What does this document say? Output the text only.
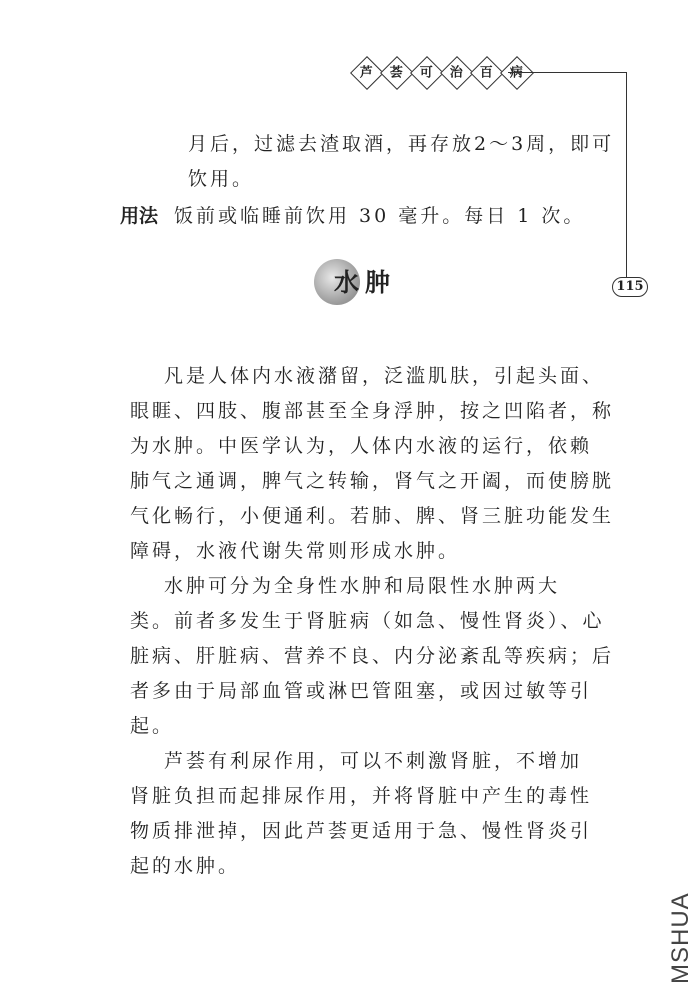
芦 荟 可 治 百 病
115
月后，过滤去渣取酒，再存放2～3周，即可
饮用。
用法 饭前或临睡前饮用 30 毫升。每日 1 次。
水肿
凡是人体内水液潴留，泛滥肌肤，引起头面、
眼睚、四肢、腹部甚至全身浮肿，按之凹陷者，称
为水肿。中医学认为，人体内水液的运行，依赖
肺气之通调，脾气之转输，肾气之开阖，而使膀胱
气化畅行，小便通利。若肺、脾、肾三脏功能发生
障碍，水液代谢失常则形成水肿。
水肿可分为全身性水肿和局限性水肿两大
类。前者多发生于肾脏病（如急、慢性肾炎）、心
脏病、肝脏病、营养不良、内分泌紊乱等疾病；后
者多由于局部血管或淋巴管阻塞，或因过敏等引
起。
芦荟有利尿作用，可以不刺激肾脏，不增加
肾脏负担而起排尿作用，并将肾脏中产生的毒性
物质排泄掉，因此芦荟更适用于急、慢性肾炎引
起的水肿。
MSHUA
